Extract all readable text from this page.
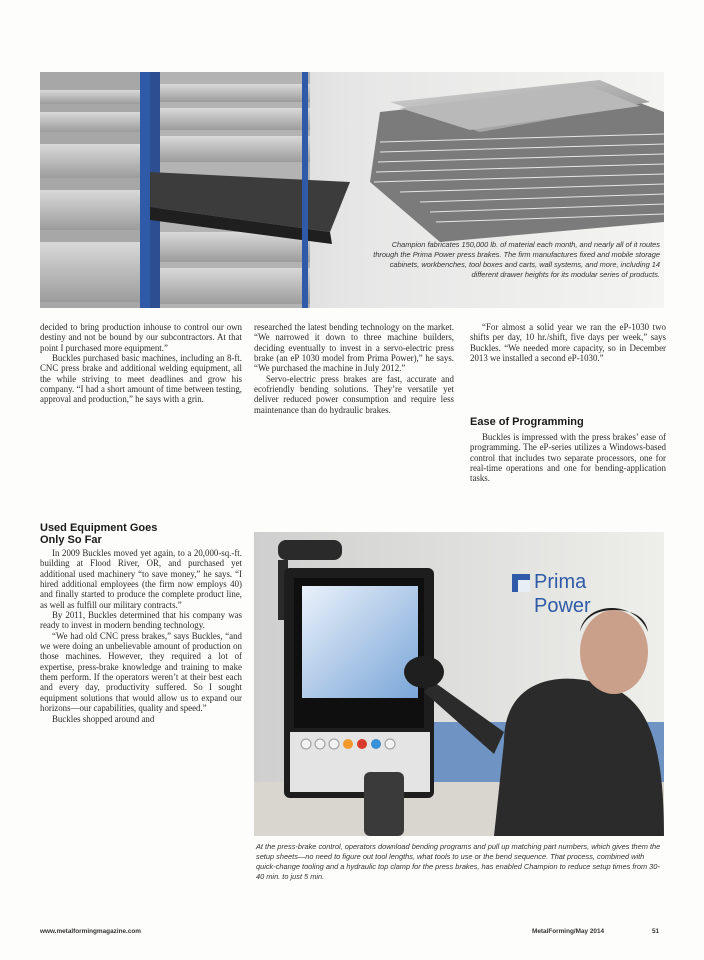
Champion fabricates 150,000 lb. of material each month, and nearly all of it routes through the Prima Power press brakes. The firm manufactures fixed and mobile storage cabinets, workbenches, tool boxes and carts, wall systems, and more, including 14 different drawer heights for its modular series of products.

decided to bring production inhouse to control our own destiny and not be bound by our subcontractors. At that point I purchased more equipment.”

Buckles purchased basic machines, including an 8-ft. CNC press brake and additional welding equipment, all the while striving to meet deadlines and grow his company. “I had a short amount of time between testing, approval and production,” he says with a grin.

Used Equipment Goes
Only So Far

In 2009 Buckles moved yet again, to a 20,000-sq.-ft. building at Flood River, OR, and purchased yet additional used machinery “to save money,” he says. “I hired additional employees (the firm now employs 40) and finally started to produce the complete product line, as well as fulfill our military contracts.”

By 2011, Buckles determined that his company was ready to invest in modern bending technology.

“We had old CNC press brakes,” says Buckles, “and we were doing an unbelievable amount of production on those machines. However, they required a lot of expertise, press-brake knowledge and training to make them perform. If the operators weren’t at their best each and every day, productivity suffered. So I sought equipment solutions that would allow us to expand our horizons—our capabilities, quality and speed.”

Buckles shopped around and

researched the latest bending technology on the market. “We narrowed it down to three machine builders, deciding eventually to invest in a servo-electric press brake (an eP 1030 model from Prima Power),” he says. “We purchased the machine in July 2012.”

Servo-electric press brakes are fast, accurate and ecofriendly bending solutions. They’re versatile yet deliver reduced power consumption and require less maintenance than do hydraulic brakes.

“For almost a solid year we ran the eP-1030 two shifts per day, 10 hr./shift, five days per week,” says Buckles. “We needed more capacity, so in December 2013 we installed a second eP-1030.”

Ease of Programming

Buckles is impressed with the press brakes’ ease of programming. The eP-series utilizes a Windows-based control that includes two separate processors, one for real-time operations and one for bending-application tasks.

Prima
Power
At the press-brake control, operators download bending programs and pull up matching part numbers, which gives them the setup sheets—no need to figure out tool lengths, what tools to use or the bend sequence. That process, combined with quick-change tooling and a hydraulic top clamp for the press brakes, has enabled Champion to reduce setup times from 30-40 min. to just 5 min.
www.metalformingmagazine.com	MetalForming/May 2014	51
